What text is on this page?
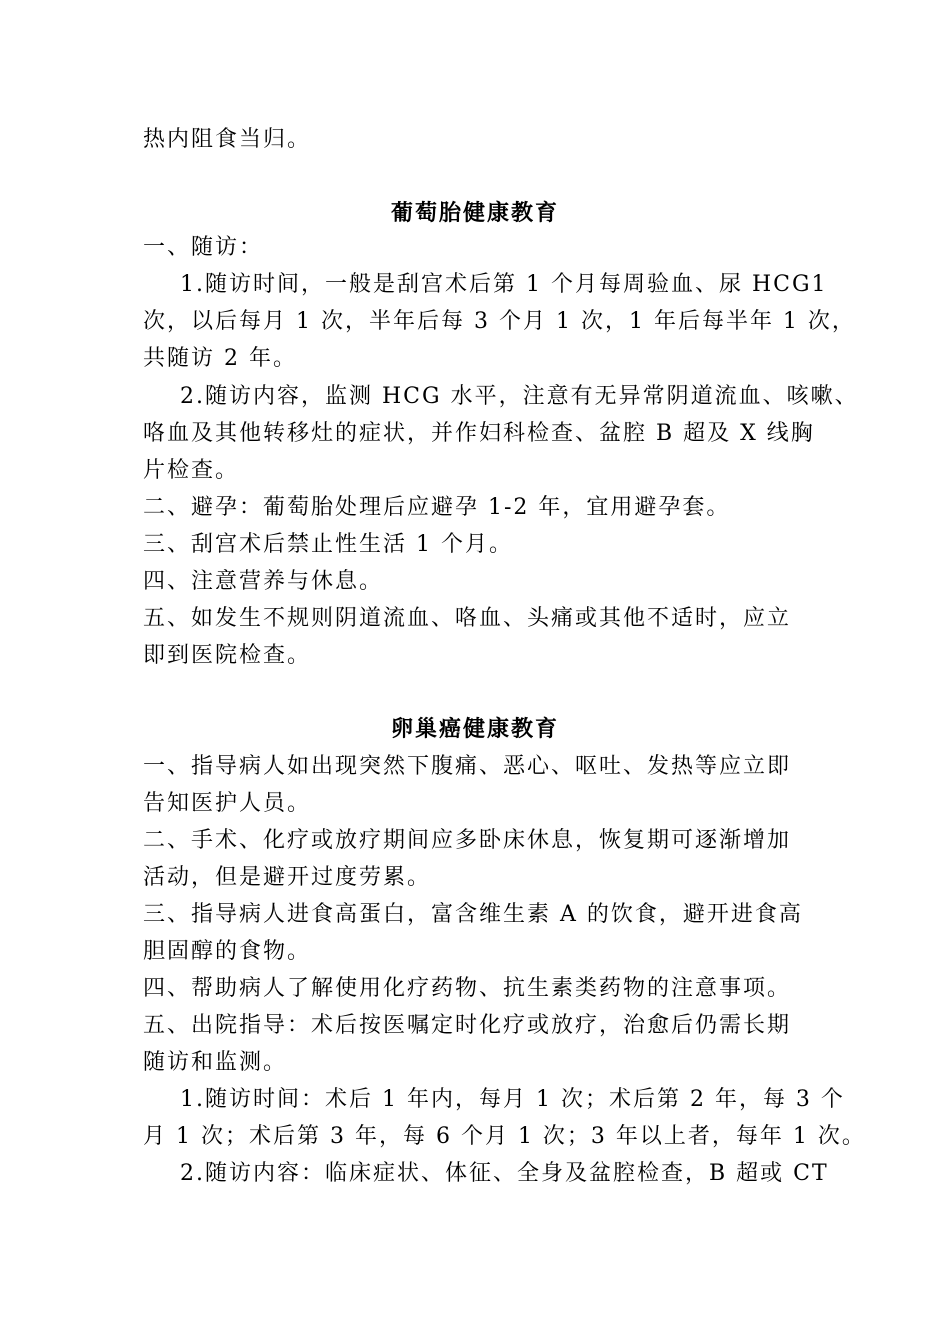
热内阻食当归。
葡萄胎健康教育
一、随访：
1.随访时间，一般是刮宫术后第 1 个月每周验血、尿 HCG1
次，以后每月 1 次，半年后每 3 个月 1 次，1 年后每半年 1 次，
共随访 2 年。
2.随访内容，监测 HCG 水平，注意有无异常阴道流血、咳嗽、
咯血及其他转移灶的症状，并作妇科检查、盆腔 B 超及 X 线胸
片检查。
二、避孕：葡萄胎处理后应避孕 1-2 年，宜用避孕套。
三、刮宫术后禁止性生活 1 个月。
四、注意营养与休息。
五、如发生不规则阴道流血、咯血、头痛或其他不适时，应立
即到医院检查。
卵巢癌健康教育
一、指导病人如出现突然下腹痛、恶心、呕吐、发热等应立即
告知医护人员。
二、手术、化疗或放疗期间应多卧床休息，恢复期可逐渐增加
活动，但是避开过度劳累。
三、指导病人进食高蛋白，富含维生素 A 的饮食，避开进食高
胆固醇的食物。
四、帮助病人了解使用化疗药物、抗生素类药物的注意事项。
五、出院指导：术后按医嘱定时化疗或放疗，治愈后仍需长期
随访和监测。
1.随访时间：术后 1 年内，每月 1 次；术后第 2 年，每 3 个
月 1 次；术后第 3 年，每 6 个月 1 次；3 年以上者，每年 1 次。
2.随访内容：临床症状、体征、全身及盆腔检查，B 超或 CT
